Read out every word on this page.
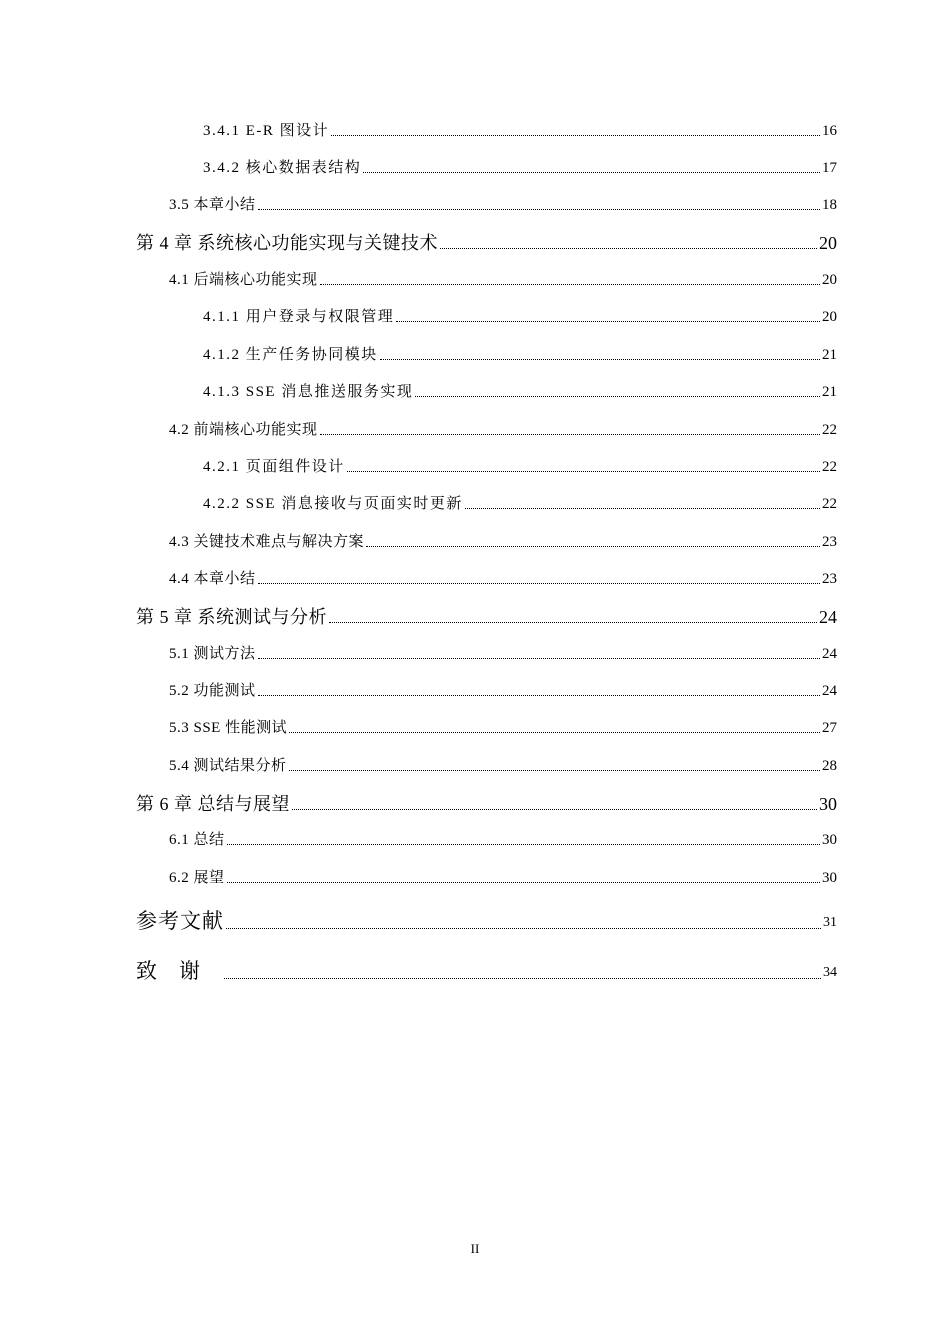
3.4.1 E-R 图设计	16
3.4.2 核心数据表结构	17
3.5 本章小结	18
第 4 章 系统核心功能实现与关键技术	20
4.1 后端核心功能实现	20
4.1.1 用户登录与权限管理	20
4.1.2 生产任务协同模块	21
4.1.3 SSE 消息推送服务实现	21
4.2 前端核心功能实现	22
4.2.1 页面组件设计	22
4.2.2 SSE 消息接收与页面实时更新	22
4.3 关键技术难点与解决方案	23
4.4 本章小结	23
第 5 章 系统测试与分析	24
5.1 测试方法	24
5.2 功能测试	24
5.3 SSE 性能测试	27
5.4 测试结果分析	28
第 6 章 总结与展望	30
6.1 总结	30
6.2 展望	30
参考文献	31
致谢	34
II
